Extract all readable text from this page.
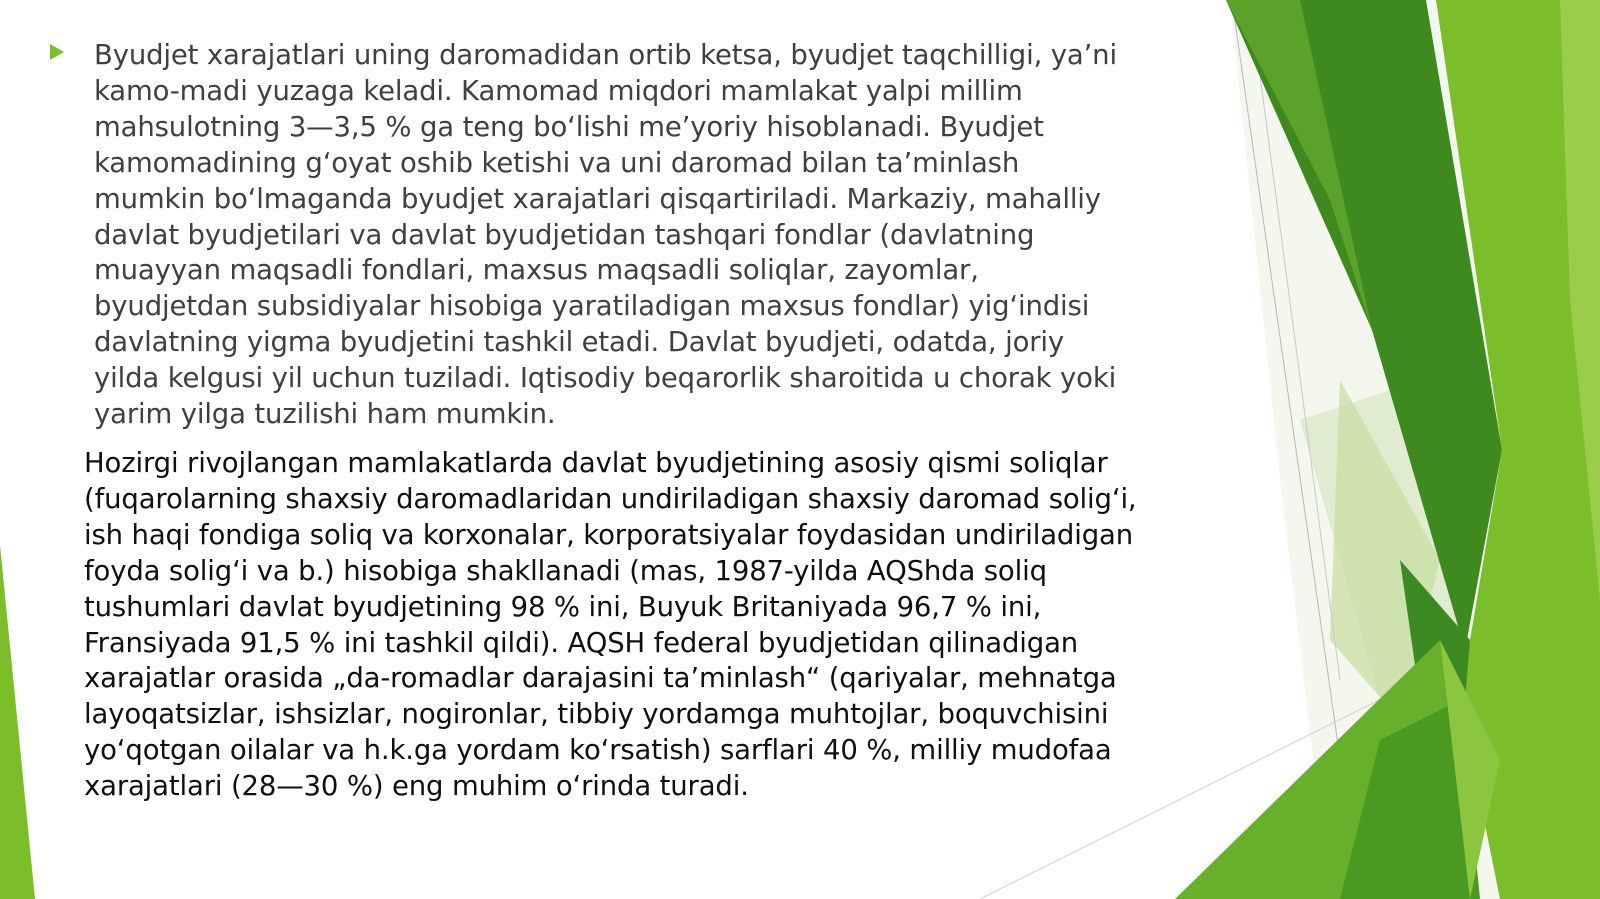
Byudjet xarajatlari uning daromadidan ortib ketsa, byudjet taqchilligi, ya’ni
kamo-madi yuzaga keladi. Kamomad miqdori mamlakat yalpi millim
mahsulotning 3—3,5 % ga teng bo‘lishi me’yoriy hisoblanadi. Byudjet
kamomadining g‘oyat oshib ketishi va uni daromad bilan ta’minlash
mumkin bo‘lmaganda byudjet xarajatlari qisqartiriladi. Markaziy, mahalliy
davlat byudjetilari va davlat byudjetidan tashqari fondlar (davlatning
muayyan maqsadli fondlari, maxsus maqsadli soliqlar, zayomlar,
byudjetdan subsidiyalar hisobiga yaratiladigan maxsus fondlar) yig‘indisi
davlatning yigma byudjetini tashkil etadi. Davlat byudjeti, odatda, joriy
yilda kelgusi yil uchun tuziladi. Iqtisodiy beqarorlik sharoitida u chorak yoki
yarim yilga tuzilishi ham mumkin.
Hozirgi rivojlangan mamlakatlarda davlat byudjetining asosiy qismi soliqlar
(fuqarolarning shaxsiy daromadlaridan undiriladigan shaxsiy daromad solig‘i,
ish haqi fondiga soliq va korxonalar, korporatsiyalar foydasidan undiriladigan
foyda solig‘i va b.) hisobiga shakllanadi (mas, 1987-yilda AQShda soliq
tushumlari davlat byudjetining 98 % ini, Buyuk Britaniyada 96,7 % ini,
Fransiyada 91,5 % ini tashkil qildi). AQSH federal byudjetidan qilinadigan
xarajatlar orasida „da-romadlar darajasini ta’minlash“ (qariyalar, mehnatga
layoqatsizlar, ishsizlar, nogironlar, tibbiy yordamga muhtojlar, boquvchisini
yo‘qotgan oilalar va h.k.ga yordam ko‘rsatish) sarflari 40 %, milliy mudofaa
xarajatlari (28—30 %) eng muhim o‘rinda turadi.
